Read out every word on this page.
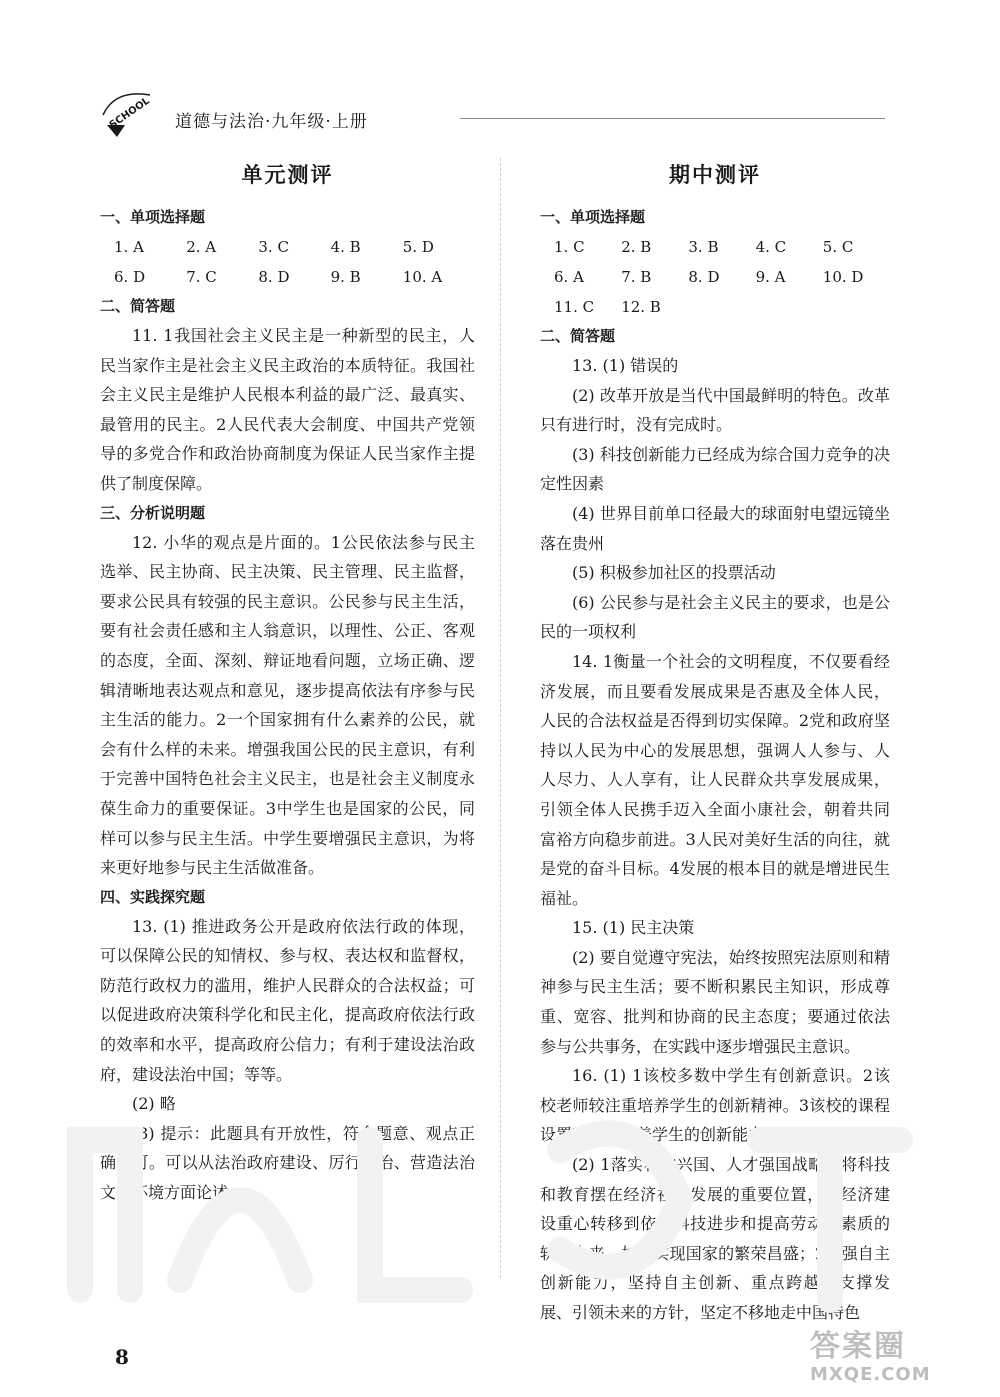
SCHOOL 道德与法治·九年级·上册
单元测评
一、单项选择题
1. A	2. A	3. C	4. B	5. D
6. D	7. C	8. D	9. B	10. A
二、简答题

11. 1我国社会主义民主是一种新型的民主，人民当家作主是社会主义民主政治的本质特征。我国社会主义民主是维护人民根本利益的最广泛、最真实、最管用的民主。2人民代表大会制度、中国共产党领导的多党合作和政治协商制度为保证人民当家作主提供了制度保障。

三、分析说明题

12. 小华的观点是片面的。1公民依法参与民主选举、民主协商、民主决策、民主管理、民主监督，要求公民具有较强的民主意识。公民参与民主生活，要有社会责任感和主人翁意识，以理性、公正、客观的态度，全面、深刻、辩证地看问题，立场正确、逻辑清晰地表达观点和意见，逐步提高依法有序参与民主生活的能力。2一个国家拥有什么素养的公民，就会有什么样的未来。增强我国公民的民主意识，有利于完善中国特色社会主义民主，也是社会主义制度永葆生命力的重要保证。3中学生也是国家的公民，同样可以参与民主生活。中学生要增强民主意识，为将来更好地参与民主生活做准备。

四、实践探究题

13. (1) 推进政务公开是政府依法行政的体现，可以保障公民的知情权、参与权、表达权和监督权，防范行政权力的滥用，维护人民群众的合法权益；可以促进政府决策科学化和民主化，提高政府依法行政的效率和水平，提高政府公信力；有利于建设法治政府，建设法治中国；等等。

(2) 略

(3) 提示：此题具有开放性，符合题意、观点正确即可。可以从法治政府建设、厉行法治、营造法治文化环境方面论述。

期中测评
一、单项选择题
1. C	2. B	3. B	4. C	5. C
6. A	7. B	8. D	9. A	10. D
11. C	12. B
二、简答题

13. (1) 错误的

(2) 改革开放是当代中国最鲜明的特色。改革只有进行时，没有完成时。

(3) 科技创新能力已经成为综合国力竞争的决定性因素

(4) 世界目前单口径最大的球面射电望远镜坐落在贵州

(5) 积极参加社区的投票活动

(6) 公民参与是社会主义民主的要求，也是公民的一项权利

14. 1衡量一个社会的文明程度，不仅要看经济发展，而且要看发展成果是否惠及全体人民，人民的合法权益是否得到切实保障。2党和政府坚持以人民为中心的发展思想，强调人人参与、人人尽力、人人享有，让人民群众共享发展成果，引领全体人民携手迈入全面小康社会，朝着共同富裕方向稳步前进。3人民对美好生活的向往，就是党的奋斗目标。4发展的根本目的就是增进民生福祉。

15. (1) 民主决策

(2) 要自觉遵守宪法，始终按照宪法原则和精神参与民主生活；要不断积累民主知识，形成尊重、宽容、批判和协商的民主态度；要通过依法参与公共事务，在实践中逐步增强民主意识。

16. (1) 1该校多数中学生有创新意识。2该校老师较注重培养学生的创新精神。3该校的课程设置不利于培养学生的创新能力。

(2) 1落实科教兴国、人才强国战略，将科技和教育摆在经济社会发展的重要位置，把经济建设重心转移到依靠科技进步和提高劳动者素质的轨道上来，加速实现国家的繁荣昌盛；2增强自主创新能力，坚持自主创新、重点跨越、支撑发展、引领未来的方针，坚定不移地走中国特色

8	答案圈
MXQE.COM
